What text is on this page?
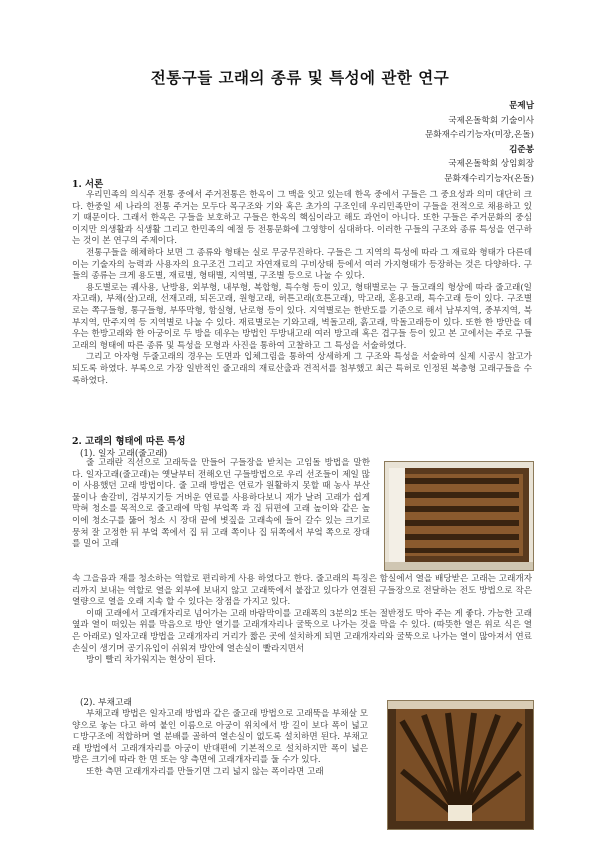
전통구들 고래의 종류 및 특성에 관한 연구
문제남
국제온돌학회 기술이사
문화재수리기능자(미장,온돌)
김준봉
국제온돌학회 상임회장
문화재수리기능자(온돌)
1. 서론

우리민족의 의식주 전통 중에서 주거전통은 한옥이 그 맥을 잇고 있는데 한옥 중에서 구들은 그 중요성과 의미 대단히 크다. 한중일 세 나라의 전통 주거는 모두다 목구조와 기와 혹은 초가의 구조인데 우리민족만이 구들을 전적으로 채용하고 있기 때문이다. 그래서 한옥은 구들을 보호하고 구들은 한옥의 핵심이라고 해도 과언이 아니다. 또한 구들은 주거문화의 중심이지만 의생활과 식생활 그리고 한민족의 예절 등 전통문화에 그영향이 심대하다. 이러한 구들의 구조와 종류 특성을 연구하는 것이 본 연구의 주제이다.

전통구들을 해체하다 보면 그 종류와 형태는 실로 무궁무진하다. 구들은 그 지역의 특성에 따라 그 재료와 형태가 다른데 이는 기술자의 능력과 사용자의 요구조건 그리고 자연재료의 구비상태 등에서 여러 가지형태가 등장하는 것은 다양하다. 구들의 종류는 크게 용도별, 재료별, 형태별, 지역별, 구조별 등으로 나눌 수 있다.

용도별로는 궤사용, 난방용, 외부형, 내부형, 복합형, 특수형 등이 있고, 형태별로는 구 들고래의 형상에 따라 줄고래(일자고래), 부채(살)고래, 선재고래, 되돈고래, 원형고래, 허튼고래(흐튼고래), 막고래, 혼용고래, 특수고래 등이 있다. 구조별로는 쪽구들형, 통구들형, 부뚜막형, 함실형, 난로형 등이 있다. 지역별로는 한반도를 기준으로 해서 남부지역, 중부지역, 북부지역, 만주지역 등 지역별로 나눌 수 있다. 재료별로는 기와고래, 벽돌고래, 흙고래, 막돌고래등이 있다. 또한 한 방만을 데우는 한방고래와 한 아궁이로 두 방을 데우는 방법인 두방내고래 여러 방고래 혹은 겹구들 등이 있고 본 고에서는 주로 구들고래의 형태에 따른 종류 및 특성을 모형과 사진을 통하여 고찰하고 그 특성을 서술하였다.

그리고 아자형 두줄고래의 경우는 도면과 입체그림을 통하여 상세하게 그 구조와 특성을 서술하여 실제 시공시 참고가 되도록 하였다. 부록으로 가장 일반적인 줄고래의 재료산출과 견적서를 첨부했고 최근 특허로 인정된 복층형 고래구들을 수록하였다.

2. 고래의 형태에 따른 특성
(1). 일자 고래(줄고래)

줄 고래란 직선으로 고래둑을 만들어 구들장을 받치는 고임돌 방법을 말한다. 일자고래(줄고래)는 옛날부터 전해오던 구들방법으로 우리 선조들이 제일 많이 사용했던 고래 방법이다. 줄 고래 방법은 연료가 원활하지 못할 때 농사 부산물이나 솔갈비, 검부지기등 거버운 연료를 사용하다보니 재가 날려 고래가 쉽게 막혀 청소를 목적으로 줄고래에 막힘 부엌쪽 과 집 뒤편에 고래 높이와 같은 높이에 청소구를 뚫어 청소 시 장대 끝에 볏짚을 고래속에 들어 갈수 있는 크기로 뭉쳐 잘 고정한 뒤 부엌 쪽에서 집 뒤 고래 쪽이나 집 뒤쪽에서 부엌 쪽으로 장대를 밀어 고래

속 그을음과 재를 청소하는 역할로 편리하게 사용 하였다고 한다. 줄고래의 특징은 함실에서 열을 배당받은 고래는 고래개자리까지 보내는 역할로 열을 외부에 보내지 않고 고래뚝에서 붙잡고 있다가 연결된 구들장으로 전달하는 전도 방법으로 작은 열량으로 열을 오래 지속 할 수 있다는 장점을 가지고 있다.

이때 고래에서 고래개자리로 넘어가는 고래 바람막이를 고래폭의 3분의2 또는 절반정도 막아 주는 게 좋다. 가능한 고래옆과 열이 떠있는 위를 막음으로 방안 열기를 고래개자리나 굴뚝으로 나가는 것을 막을 수 있다. (따뜻한 열은 위로 식은 열은 아래로) 일자고래 방법을 고래개자리 거리가 짧은 곳에 설치하게 되면 고래개자리와 굴뚝으로 나가는 열이 많아져서 연료 손실이 생기며 공기유입이 쉬워져 방안에 열손실이 빨라지면서

방이 빨리 차가워지는 현상이 된다.

(2). 부채고래

부채고래 방법은 일자고래 방법과 같은 줄고래 방법으로 고래뚝을 부채살 모양으로 놓는 다고 하여 붙인 이름으로 아궁이 위치에서 방 길이 보다 폭이 넓고 ㄷ방구조에 적합하며 열 분배를 골하여 열손실이 없도록 설치하면 된다. 부채고래 방법에서 고래개자리를 아궁이 반대편에 기본적으로 설치하지만 폭이 넓은 방은 크기에 따라 한 면 또는 양 측면에 고래개자리를 둘 수가 있다.

또한 측면 고래개자리를 만들기면 그리 넓지 않는 폭이라면 고래
